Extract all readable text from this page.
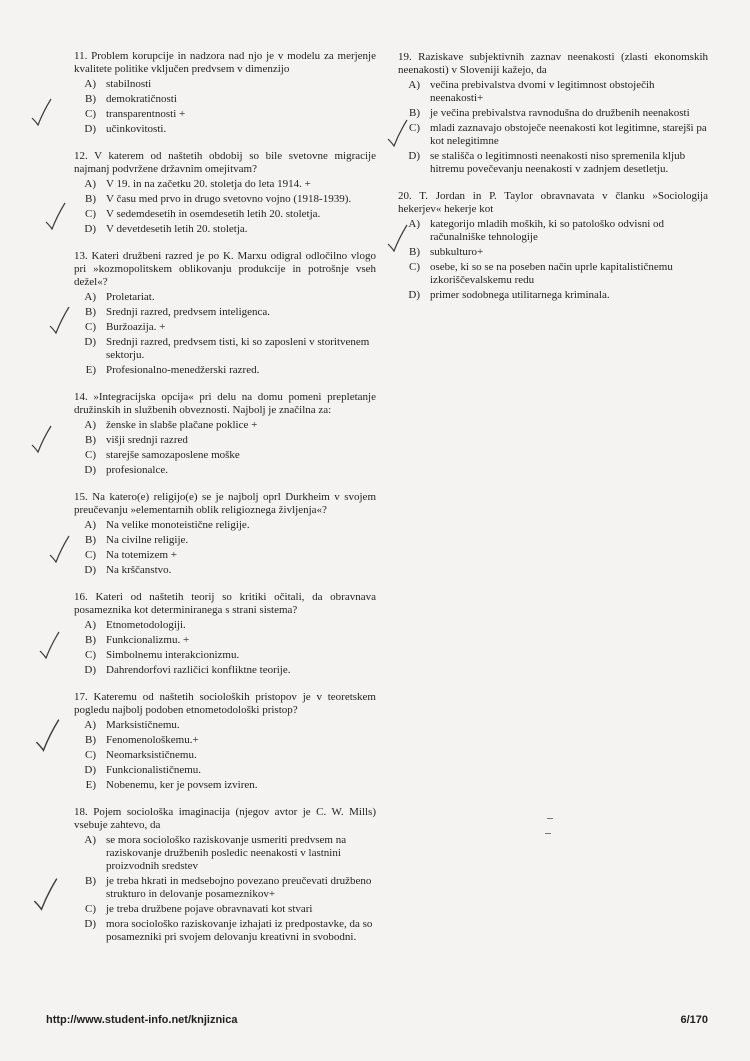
11. Problem korupcije in nadzora nad njo je v modelu za merjenje kvalitete politike vključen predvsem v dimenzijo

A) stabilnosti
B) demokratičnosti
C) transparentnosti +
D) učinkovitosti.

12. V katerem od naštetih obdobij so bile svetovne migracije najmanj podvržene državnim omejitvam?

A) V 19. in na začetku 20. stoletja do leta 1914. +
B) V času med prvo in drugo svetovno vojno (1918-1939).
C) V sedemdesetih in osemdesetih letih 20. stoletja.
D) V devetdesetih letih 20. stoletja.

13. Kateri družbeni razred je po K. Marxu odigral odločilno vlogo pri »kozmopolitskem oblikovanju produkcije in potrošnje vseh dežel«?

A) Proletariat.
B) Srednji razred, predvsem inteligenca.
C) Buržoazija. +
D) Srednji razred, predvsem tisti, ki so zaposleni v storitvenem sektorju.
E) Profesionalno-menedžerski razred.

14. »Integracijska opcija« pri delu na domu pomeni prepletanje družinskih in službenih obveznosti. Najbolj je značilna za:

A) ženske in slabše plačane poklice +
B) višji srednji razred
C) starejše samozaposlene moške
D) profesionalce.

15. Na katero(e) religijo(e) se je najbolj oprl Durkheim v svojem preučevanju »elementarnih oblik religioznega življenja«?

A) Na velike monoteistične religije.
B) Na civilne religije.
C) Na totemizem +
D) Na krščanstvo.

16. Kateri od naštetih teorij so kritiki očitali, da obravnava posameznika kot determiniranega s strani sistema?

A) Etnometodologiji.
B) Funkcionalizmu. +
C) Simbolnemu interakcionizmu.
D) Dahrendorfovi različici konfliktne teorije.

17. Kateremu od naštetih socioloških pristopov je v teoretskem pogledu najbolj podoben etnometodološki pristop?

A) Marksističnemu.
B) Fenomenološkemu.+
C) Neomarksističnemu.
D) Funkcionalističnemu.
E) Nobenemu, ker je povsem izviren.

18. Pojem sociološka imaginacija (njegov avtor je C. W. Mills) vsebuje zahtevo, da

A) se mora sociološko raziskovanje usmeriti predvsem na raziskovanje družbenih posledic neenakosti v lastnini proizvodnih sredstev
B) je treba hkrati in medsebojno povezano preučevati družbeno strukturo in delovanje posameznikov+
C) je treba družbene pojave obravnavati kot stvari
D) mora sociološko raziskovanje izhajati iz predpostavke, da so posamezniki pri svojem delovanju kreativni in svobodni.

19. Raziskave subjektivnih zaznav neenakosti (zlasti ekonomskih neenakosti) v Sloveniji kažejo, da

A) večina prebivalstva dvomi v legitimnost obstoječih neenakosti+
B) je večina prebivalstva ravnodušna do družbenih neenakosti
C) mladi zaznavajo obstoječe neenakosti kot legitimne, starejši pa kot nelegitimne
D) se stališča o legitimnosti neenakosti niso spremenila kljub hitremu povečevanju neenakosti v zadnjem desetletju.

20. T. Jordan in P. Taylor obravnavata v članku »Sociologija hekerjev« hekerje kot

A) kategorijo mladih moških, ki so patološko odvisni od računalniške tehnologije
B) subkulturo+
C) osebe, ki so se na poseben način uprle kapitalističnemu izkoriščevalskemu redu
D) primer sodobnega utilitarnega kriminala.
http://www.student-info.net/knjiznica	6/170
